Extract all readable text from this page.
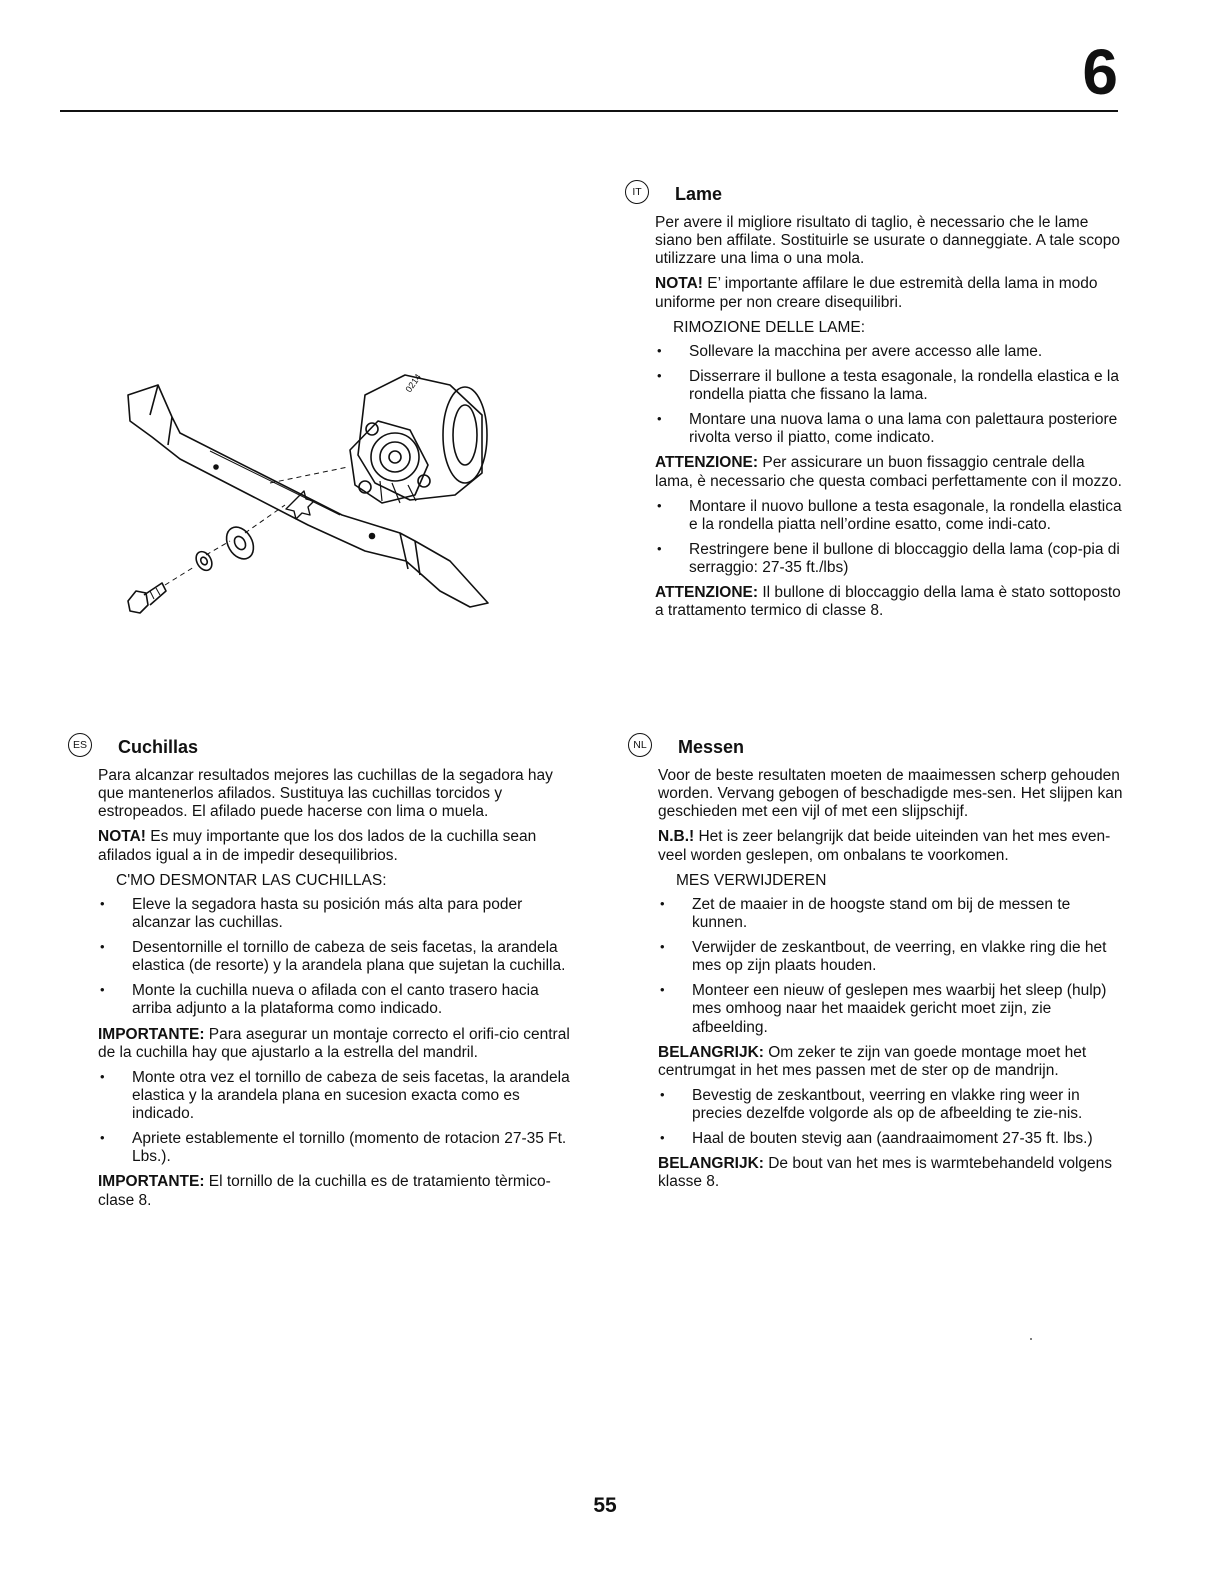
6
0214
IT	Lame

Per avere il migliore risultato di taglio, è necessario che le lame siano ben affilate. Sostituirle se usurate o danneggiate. A tale scopo utilizzare una lima o una mola.

NOTA! E’ importante affilare le due estremità della lama in modo uniforme per non creare disequilibri.

RIMOZIONE DELLE LAME:
• Sollevare la macchina per avere accesso alle lame.
• Disserrare il bullone a testa esagonale, la rondella elastica e la rondella piatta che fissano la lama.
• Montare una nuova lama o una lama con palettaura posteriore rivolta verso il piatto, come indicato.

ATTENZIONE: Per assicurare un buon fissaggio centrale della lama, è necessario che questa combaci perfettamente con il mozzo.

• Montare il nuovo bullone a testa esagonale, la rondella elastica e la rondella piatta nell’ordine esatto, come indi-cato.
• Restringere bene il bullone di bloccaggio della lama (cop-pia di serraggio: 27-35 ft./lbs)

ATTENZIONE: Il bullone di bloccaggio della lama è stato sottoposto a trattamento termico di classe 8.

ES Cuchillas

Para alcanzar resultados mejores las cuchillas de la segadora hay que mantenerlos afilados. Sustituya las cuchillas torcidos y estropeados. El afilado puede hacerse con lima o muela.

NOTA! Es muy importante que los dos lados de la cuchilla sean afilados igual a in de impedir desequilibrios.

C'MO DESMONTAR LAS CUCHILLAS:
• Eleve la segadora hasta su posición más alta para poder alcanzar las cuchillas.
• Desentornille el tornillo de cabeza de seis facetas, la arandela elastica (de resorte) y la arandela plana que sujetan la cuchilla.
• Monte la cuchilla nueva o afilada con el canto trasero hacia arriba adjunto a la plataforma como indicado.

IMPORTANTE: Para asegurar un montaje correcto el orifi-cio central de la cuchilla hay que ajustarlo a la estrella del mandril.

• Monte otra vez el tornillo de cabeza de seis facetas, la arandela elastica y la arandela plana en sucesion exacta como es indicado.
• Apriete establemente el tornillo (momento de rotacion 27-35 Ft. Lbs.).

IMPORTANTE: El tornillo de la cuchilla es de tratamiento tèrmico-clase 8.

NL Messen

Voor de beste resultaten moeten de maaimessen scherp gehouden worden. Vervang gebogen of beschadigde mes-sen. Het slijpen kan geschieden met een vijl of met een slijpschijf.

N.B.! Het is zeer belangrijk dat beide uiteinden van het mes even-veel worden geslepen, om onbalans te voorkomen.

MES VERWIJDEREN
• Zet de maaier in de hoogste stand om bij de messen te kunnen.
• Verwijder de zeskantbout, de veerring, en vlakke ring die het mes op zijn plaats houden.
• Monteer een nieuw of geslepen mes waarbij het sleep (hulp) mes omhoog naar het maaidek gericht moet zijn, zie afbeelding.

BELANGRIJK: Om zeker te zijn van goede montage moet het centrumgat in het mes passen met de ster op de mandrijn.

• Bevestig de zeskantbout, veerring en vlakke ring weer in precies dezelfde volgorde als op de afbeelding te zie-nis.
• Haal de bouten stevig aan (aandraaimoment 27-35 ft. lbs.)

BELANGRIJK: De bout van het mes is warmtebehandeld volgens klasse 8.

55
